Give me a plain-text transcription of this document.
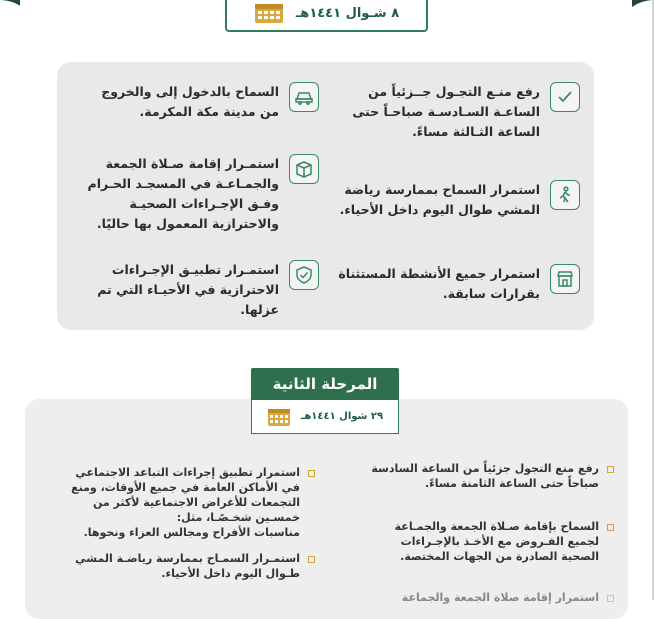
٨ شـوال ١٤٤١هـ
رفع منـع التجـول جــزئياً من
الساعـة السـادسـة صباحـاً حتى
الساعة الثـالثة مساءً.
استمرار السماح بممارسة رياضة
المشي طوال اليوم داخل الأحياء.
استمرار جميع الأنشطة المستثناة
بقرارات سابقة.
السماح بالدخول إلى والخروج
من مدينة مكة المكرمة.
استمـرار إقامة صـلاة الجمعة
والجمـاعـة في المسجـد الحـرام
وفـق الإجـراءات الصحيـة
والاحترازية المعمول بها حاليًا.
استمـرار تطبيـق الإجـراءات
الاحترازية في الأحيـاء التي تم
عزلها.
رفع منع التجول جزئياً من الساعة السادسة
صباحاً حتى الساعة الثامنة مساءً.
السماح بإقامة صـلاة الجمعة والجمـاعة
لجميع الفـروض مع الأخـذ بالإجـراءات
الصحية الصادرة من الجهات المختصة.
استمرار إقامة صلاة الجمعة والجماعة
استمرار تطبيق إجراءات التباعد الاجتماعي
في الأماكن العامة في جميع الأوقات، ومنع
التجمعات للأغراض الاجتماعية لأكثر من
خمسـين شخـصًـا، مثل:
مناسبات الأفراح ومجالس العزاء ونحوها.
استمـرار السمـاح بممارسة رياضـة المشي
طـوال اليوم داخل الأحياء.
المرحلة الثانية
٢٩ شوال ١٤٤١هـ
